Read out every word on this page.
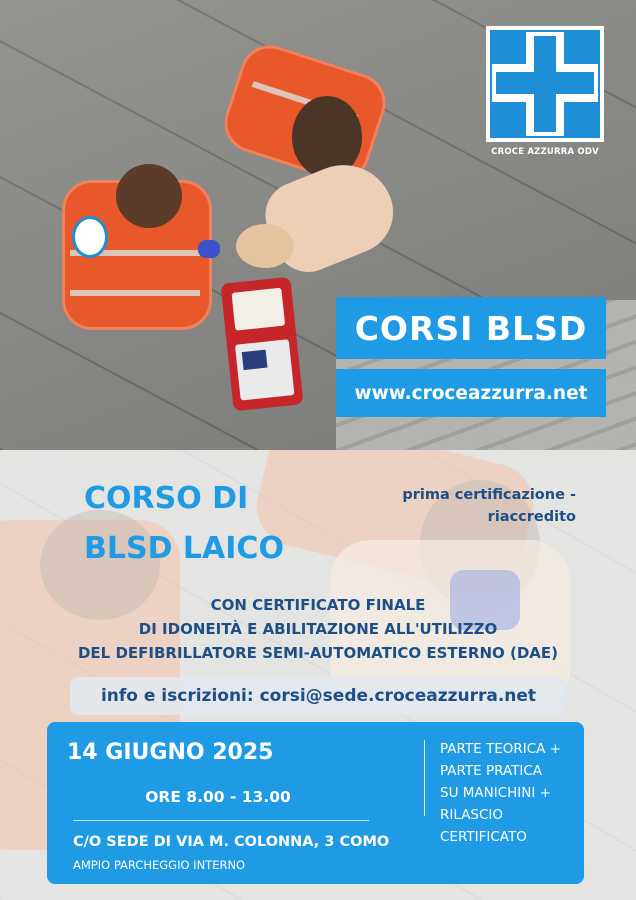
CROCE AZZURRA ODV
CORSI BLSD
www.croceazzurra.net
CORSO DI
BLSD LAICO
prima certificazione -
riaccredito
CON CERTIFICATO FINALE
DI IDONEITÀ E ABILITAZIONE ALL'UTILIZZO
DEL DEFIBRILLATORE SEMI-AUTOMATICO ESTERNO (DAE)
info e iscrizioni: corsi@sede.croceazzurra.net
14 GIUGNO 2025
ORE 8.00 - 13.00
C/O SEDE DI VIA M. COLONNA, 3 COMO
AMPIO PARCHEGGIO INTERNO
PARTE TEORICA +
PARTE PRATICA
SU MANICHINI +
RILASCIO
CERTIFICATO
